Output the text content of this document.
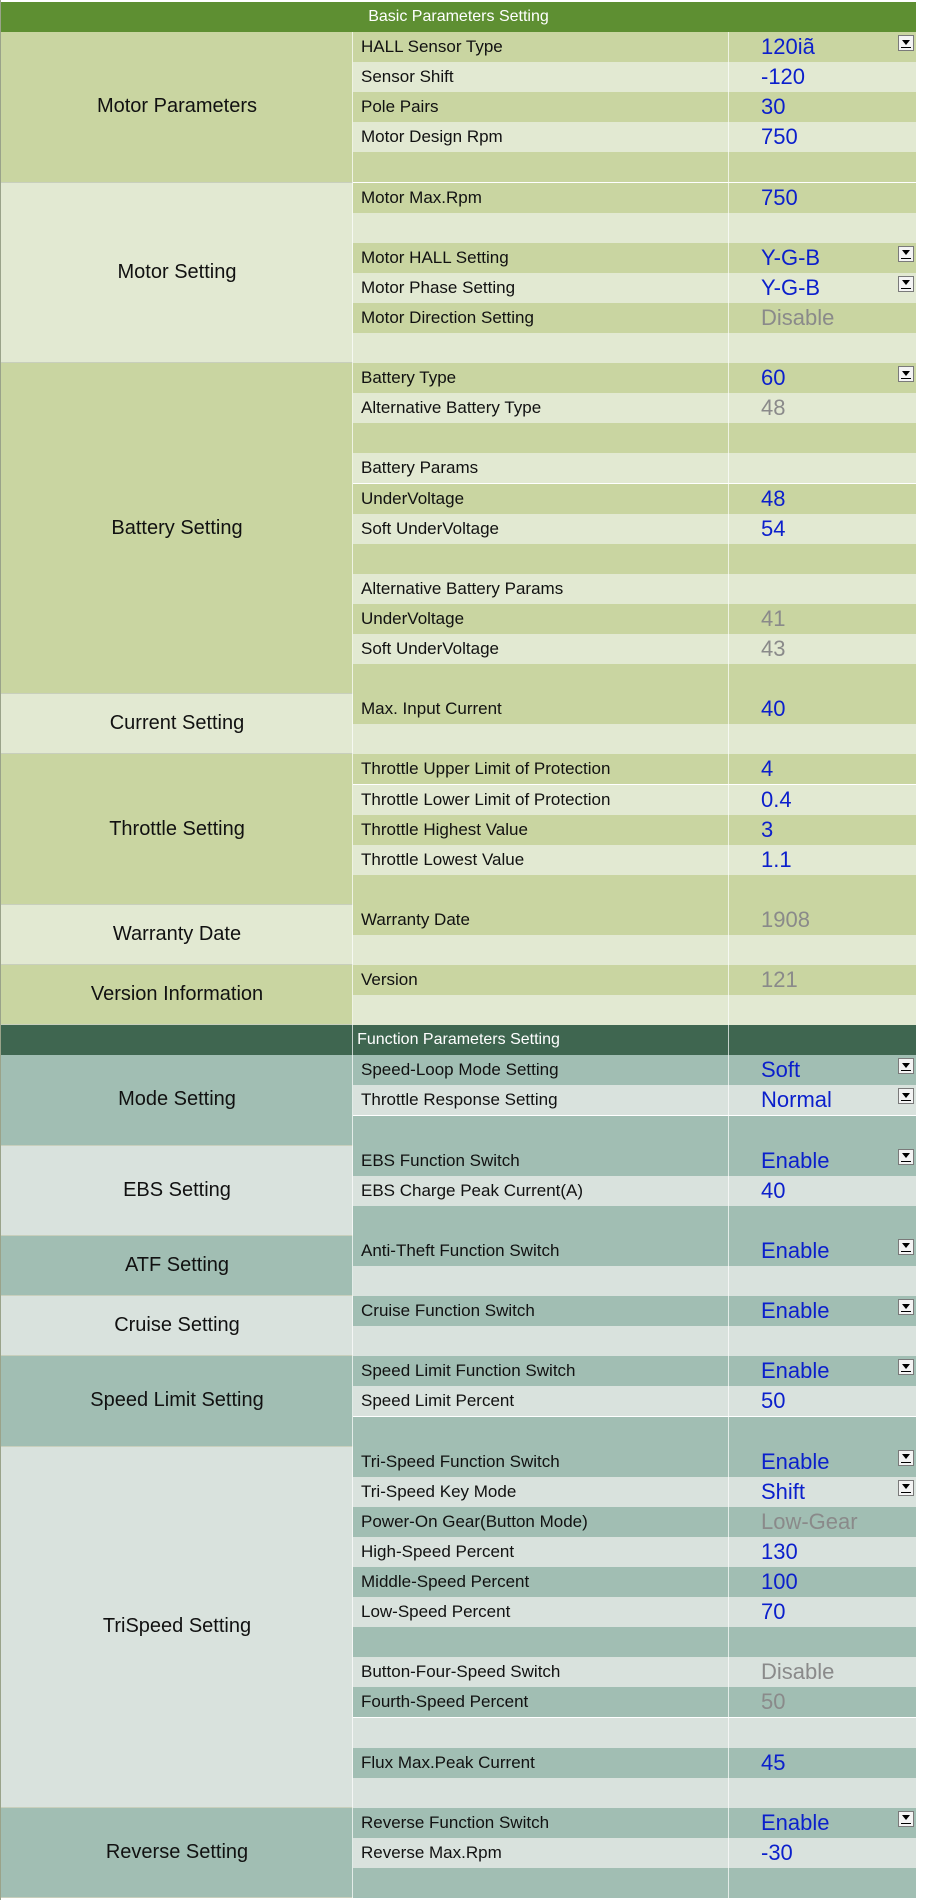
Basic Parameters Setting
Motor Parameters
HALL Sensor Type	120iã
Sensor Shift	-120
Pole Pairs	30
Motor Design Rpm	750
Motor Setting
Motor Max.Rpm	750
Motor HALL Setting	Y-G-B
Motor Phase Setting	Y-G-B
Motor Direction Setting	Disable
Battery Setting
Battery Type	60
Alternative Battery Type	48
Battery Params
UnderVoltage	48
Soft UnderVoltage	54
Alternative Battery Params
UnderVoltage	41
Soft UnderVoltage	43
Current Setting
Max. Input Current	40
Throttle Setting
Throttle Upper Limit of Protection	4
Throttle Lower Limit of Protection	0.4
Throttle Highest Value	3
Throttle Lowest Value	1.1
Warranty Date
Warranty Date	1908
Version Information
Version	121
Function Parameters Setting
Mode Setting
Speed-Loop Mode Setting	Soft
Throttle Response Setting	Normal
EBS Setting
EBS Function Switch	Enable
EBS Charge Peak Current(A)	40
ATF Setting
Anti-Theft Function Switch	Enable
Cruise Setting
Cruise Function Switch	Enable
Speed Limit Setting
Speed Limit Function Switch	Enable
Speed Limit Percent	50
TriSpeed Setting
Tri-Speed Function Switch	Enable
Tri-Speed Key Mode	Shift
Power-On Gear(Button Mode)	Low-Gear
High-Speed Percent	130
Middle-Speed Percent	100
Low-Speed Percent	70
Button-Four-Speed Switch	Disable
Fourth-Speed Percent	50
Flux Max.Peak Current	45
Reverse Setting
Reverse Function Switch	Enable
Reverse Max.Rpm	-30
